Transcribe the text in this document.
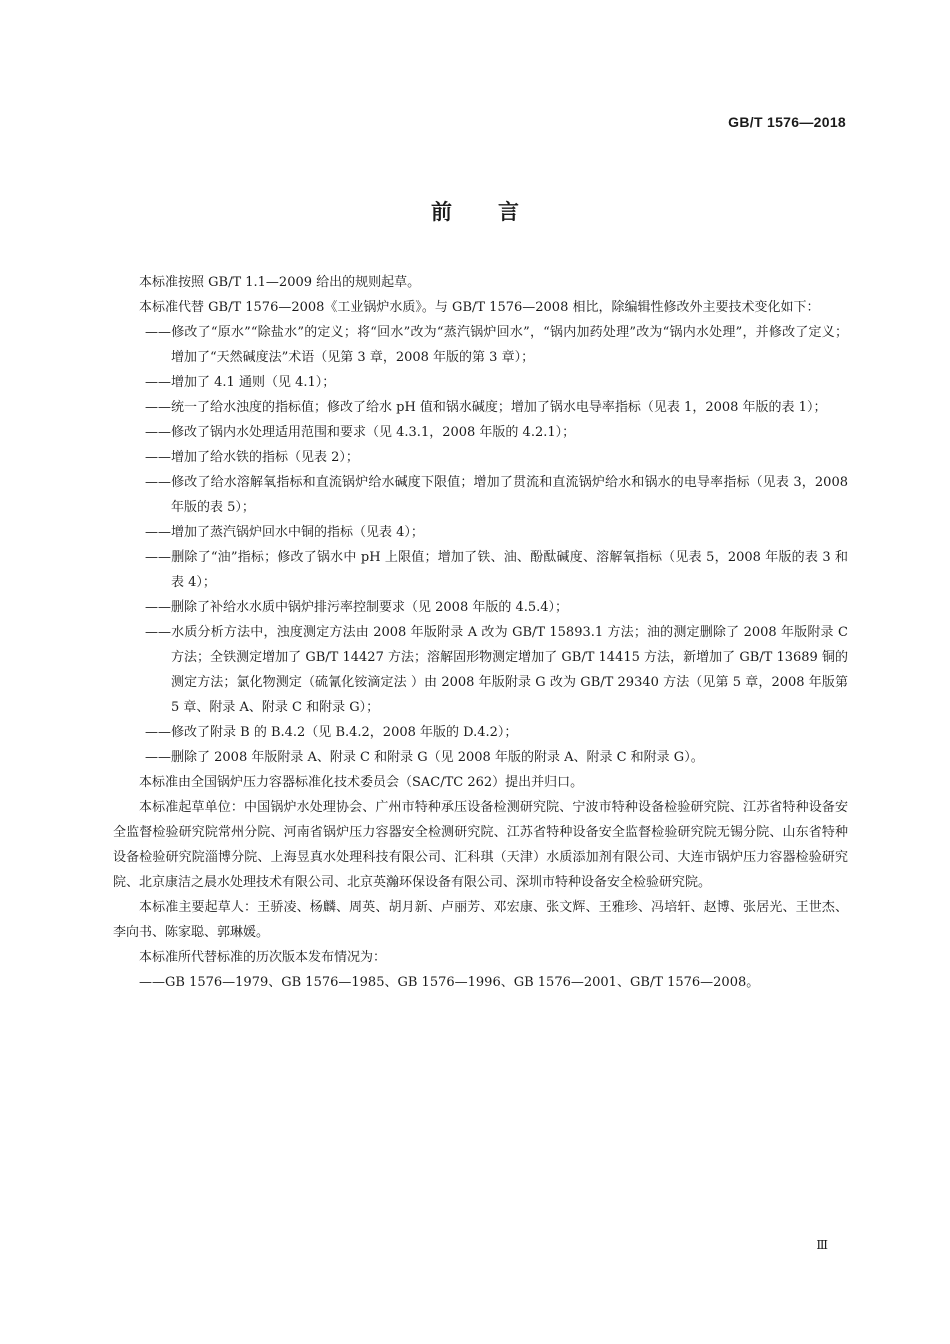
GB/T 1576—2018
前 言

本标准按照 GB/T 1.1—2009 给出的规则起草。

本标准代替 GB/T 1576—2008《工业锅炉水质》。与 GB/T 1576—2008 相比，除编辑性修改外主要技术变化如下：

——修改了“原水”“除盐水”的定义；将“回水”改为“蒸汽锅炉回水”，“锅内加药处理”改为“锅内水处理”，并修改了定义；增加了“天然碱度法”术语（见第 3 章，2008 年版的第 3 章）；

——增加了 4.1 通则（见 4.1）；

——统一了给水浊度的指标值；修改了给水 pH 值和锅水碱度；增加了锅水电导率指标（见表 1，2008 年版的表 1）；

——修改了锅内水处理适用范围和要求（见 4.3.1，2008 年版的 4.2.1）；

——增加了给水铁的指标（见表 2）；

——修改了给水溶解氧指标和直流锅炉给水碱度下限值；增加了贯流和直流锅炉给水和锅水的电导率指标（见表 3，2008 年版的表 5）；

——增加了蒸汽锅炉回水中铜的指标（见表 4）；

——删除了“油”指标；修改了锅水中 pH 上限值；增加了铁、油、酚酞碱度、溶解氧指标（见表 5，2008 年版的表 3 和表 4）；

——删除了补给水水质中锅炉排污率控制要求（见 2008 年版的 4.5.4）；

——水质分析方法中，浊度测定方法由 2008 年版附录 A 改为 GB/T 15893.1 方法；油的测定删除了 2008 年版附录 C 方法；全铁测定增加了 GB/T 14427 方法；溶解固形物测定增加了 GB/T 14415 方法，新增加了 GB/T 13689 铜的测定方法；氯化物测定（硫氰化铵滴定法 ）由 2008 年版附录 G 改为 GB/T 29340 方法（见第 5 章，2008 年版第 5 章、附录 A、附录 C 和附录 G）；

——修改了附录 B 的 B.4.2（见 B.4.2，2008 年版的 D.4.2）；

——删除了 2008 年版附录 A、附录 C 和附录 G（见 2008 年版的附录 A、附录 C 和附录 G）。

本标准由全国锅炉压力容器标准化技术委员会（SAC/TC 262）提出并归口。

本标准起草单位：中国锅炉水处理协会、广州市特种承压设备检测研究院、宁波市特种设备检验研究院、江苏省特种设备安全监督检验研究院常州分院、河南省锅炉压力容器安全检测研究院、江苏省特种设备安全监督检验研究院无锡分院、山东省特种设备检验研究院淄博分院、上海昱真水处理科技有限公司、汇科琪（天津）水质添加剂有限公司、大连市锅炉压力容器检验研究院、北京康洁之晨水处理技术有限公司、北京英瀚环保设备有限公司、深圳市特种设备安全检验研究院。

本标准主要起草人：王骄凌、杨麟、周英、胡月新、卢丽芳、邓宏康、张文辉、王雅珍、冯培轩、赵博、张居光、王世杰、李向书、陈家聪、郭琳媛。

本标准所代替标准的历次版本发布情况为：

——GB 1576—1979、GB 1576—1985、GB 1576—1996、GB 1576—2001、GB/T 1576—2008。

Ⅲ
